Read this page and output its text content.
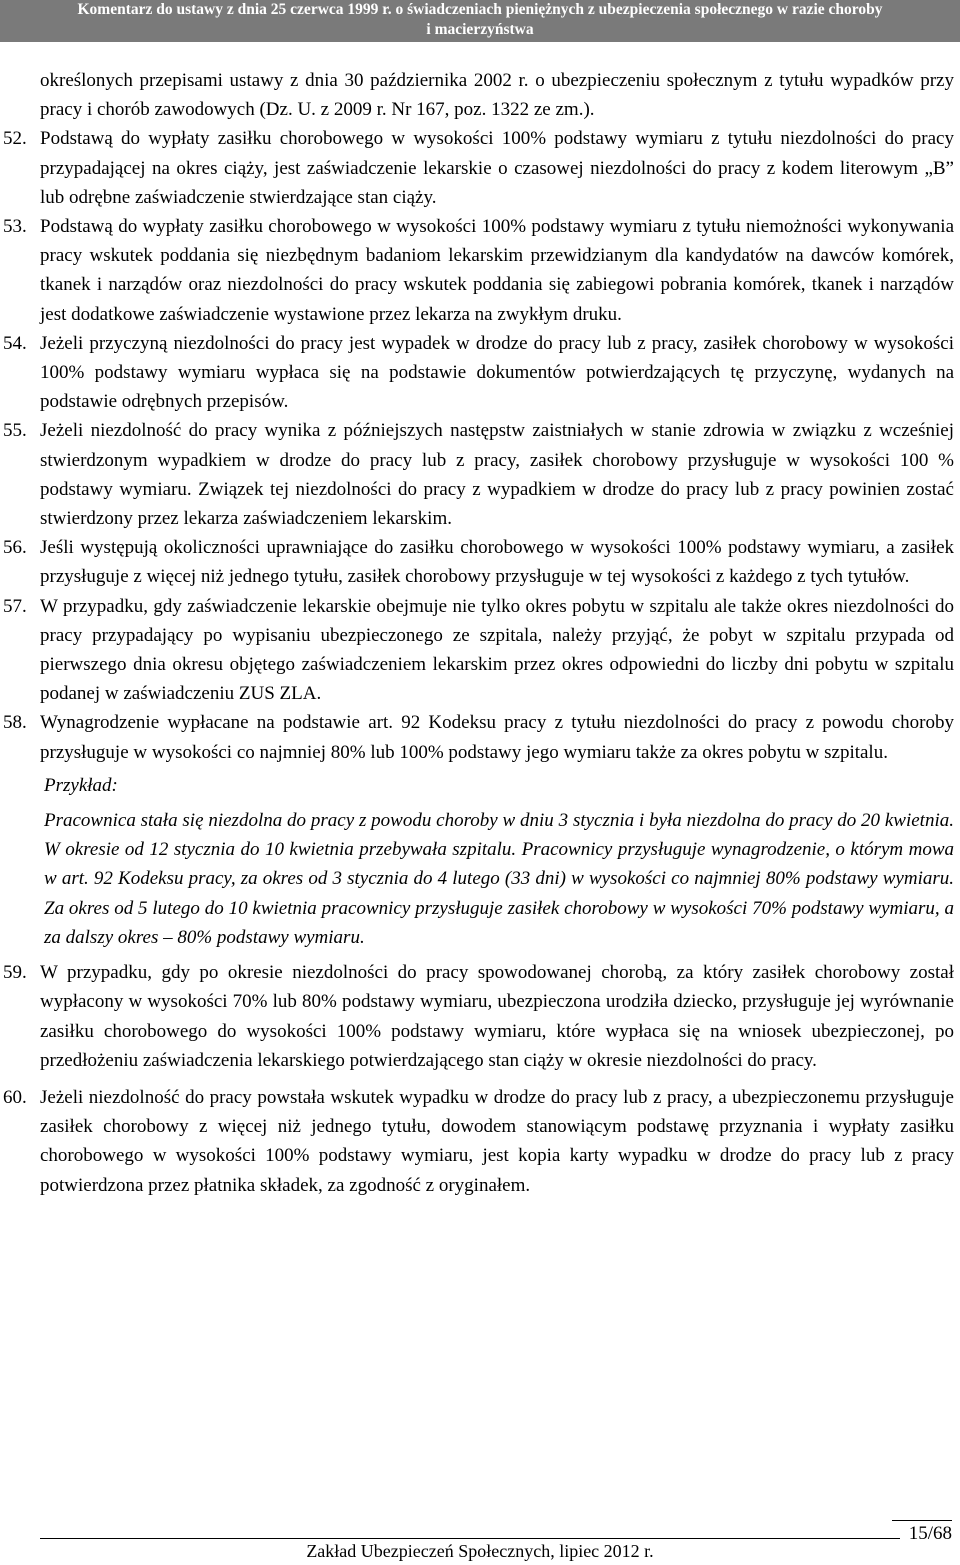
Komentarz do ustawy z dnia 25 czerwca 1999 r. o świadczeniach pieniężnych z ubezpieczenia społecznego w razie choroby
i macierzyństwa
określonych przepisami ustawy z dnia 30 października 2002 r. o ubezpieczeniu społecznym z tytułu wypadków przy pracy i chorób zawodowych (Dz. U. z 2009 r. Nr 167, poz. 1322 ze zm.).
52. Podstawą do wypłaty zasiłku chorobowego w wysokości 100% podstawy wymiaru z tytułu niezdolności do pracy przypadającej na okres ciąży, jest zaświadczenie lekarskie o czasowej niezdolności do pracy z kodem literowym „B” lub odrębne zaświadczenie stwierdzające stan ciąży.
53. Podstawą do wypłaty zasiłku chorobowego w wysokości 100% podstawy wymiaru z tytułu niemożności wykonywania pracy wskutek poddania się niezbędnym badaniom lekarskim przewidzianym dla kandydatów na dawców komórek, tkanek i narządów oraz niezdolności do pracy wskutek poddania się zabiegowi pobrania komórek, tkanek i narządów jest dodatkowe zaświadczenie wystawione przez lekarza na zwykłym druku.
54. Jeżeli przyczyną niezdolności do pracy jest wypadek w drodze do pracy lub z pracy, zasiłek chorobowy w wysokości 100% podstawy wymiaru wypłaca się na podstawie dokumentów potwierdzających tę przyczynę, wydanych na podstawie odrębnych przepisów.
55. Jeżeli niezdolność do pracy wynika z późniejszych następstw zaistniałych w stanie zdrowia w związku z wcześniej stwierdzonym wypadkiem w drodze do pracy lub z pracy, zasiłek chorobowy przysługuje w wysokości 100 % podstawy wymiaru. Związek tej niezdolności do pracy z wypadkiem w drodze do pracy lub z pracy powinien zostać stwierdzony przez lekarza zaświadczeniem lekarskim.
56. Jeśli występują okoliczności uprawniające do zasiłku chorobowego w wysokości 100% podstawy wymiaru, a zasiłek przysługuje z więcej niż jednego tytułu, zasiłek chorobowy przysługuje w tej wysokości z każdego z tych tytułów.
57. W przypadku, gdy zaświadczenie lekarskie obejmuje nie tylko okres pobytu w szpitalu ale także okres niezdolności do pracy przypadający po wypisaniu ubezpieczonego ze szpitala, należy przyjąć, że pobyt w szpitalu przypada od pierwszego dnia okresu objętego zaświadczeniem lekarskim przez okres odpowiedni do liczby dni pobytu w szpitalu podanej w zaświadczeniu ZUS ZLA.
58. Wynagrodzenie wypłacane na podstawie art. 92 Kodeksu pracy z tytułu niezdolności do pracy z powodu choroby przysługuje w wysokości co najmniej 80% lub 100% podstawy jego wymiaru także za okres pobytu w szpitalu.
Przykład:
Pracownica stała się niezdolna do pracy z powodu choroby w dniu 3 stycznia i była niezdolna do pracy do 20 kwietnia. W okresie od 12 stycznia do 10 kwietnia przebywała szpitalu. Pracownicy przysługuje wynagrodzenie, o którym mowa w art. 92 Kodeksu pracy, za okres od 3 stycznia do 4 lutego (33 dni) w wysokości co najmniej 80% podstawy wymiaru. Za okres od 5 lutego do 10 kwietnia pracownicy przysługuje zasiłek chorobowy w wysokości 70% podstawy wymiaru, a za dalszy okres – 80% podstawy wymiaru.
59. W przypadku, gdy po okresie niezdolności do pracy spowodowanej chorobą, za który zasiłek chorobowy został wypłacony w wysokości 70% lub 80% podstawy wymiaru, ubezpieczona urodziła dziecko, przysługuje jej wyrównanie zasiłku chorobowego do wysokości 100% podstawy wymiaru, które wypłaca się na wniosek ubezpieczonej, po przedłożeniu zaświadczenia lekarskiego potwierdzającego stan ciąży w okresie niezdolności do pracy.
60. Jeżeli niezdolność do pracy powstała wskutek wypadku w drodze do pracy lub z pracy, a ubezpieczonemu przysługuje zasiłek chorobowy z więcej niż jednego tytułu, dowodem stanowiącym podstawę przyznania i wypłaty zasiłku chorobowego w wysokości 100% podstawy wymiaru, jest kopia karty wypadku w drodze do pracy lub z pracy potwierdzona przez płatnika składek, za zgodność z oryginałem.
15/68
Zakład Ubezpieczeń Społecznych, lipiec 2012 r.
